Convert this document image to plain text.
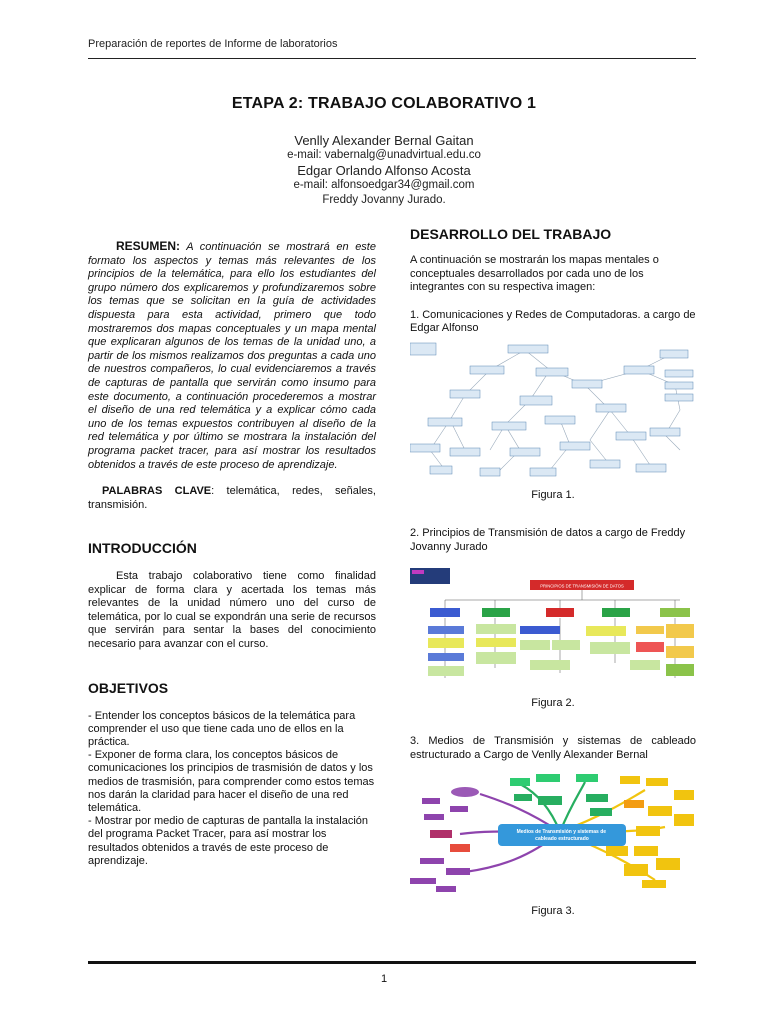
Preparación de reportes de Informe de laboratorios
ETAPA 2: TRABAJO COLABORATIVO 1
Venlly Alexander Bernal Gaitan
e-mail: vabernalg@unadvirtual.edu.co
Edgar Orlando Alfonso Acosta
e-mail: alfonsoedgar34@gmail.com
Freddy Jovanny Jurado.
RESUMEN: A continuación se mostrará en este formato los aspectos y temas más relevantes de los principios de la telemática, para ello los estudiantes del grupo número dos explicaremos y profundizaremos sobre los temas que se solicitan en la guía de actividades dispuesta para esta actividad, primero que todo mostraremos dos mapas conceptuales y un mapa mental que explicaran algunos de los temas de la unidad uno, a partir de los mismos realizamos dos preguntas a cada uno de nuestros compañeros, lo cual evidenciaremos a través de capturas de pantalla que servirán como insumo para este documento, a continuación procederemos a mostrar el diseño de una red telemática y a explicar cómo cada uno de los temas expuestos contribuyen al diseño de la red telemática y por último se mostrara la instalación del programa packet tracer, para así mostrar los resultados obtenidos a través de este proceso de aprendizaje.
PALABRAS CLAVE: telemática, redes, señales, transmisión.
INTRODUCCIÓN
Esta trabajo colaborativo tiene como finalidad explicar de forma clara y acertada los temas más relevantes de la unidad número uno del curso de telemática, por lo cual se expondrán una serie de recursos que servirán para sentar la bases del conocimiento necesario para avanzar con el curso.
OBJETIVOS
- Entender los conceptos básicos de la telemática para comprender el uso que tiene cada uno de ellos en la práctica.
- Exponer de forma clara, los conceptos básicos de comunicaciones los principios de trasmisión de datos y los medios de trasmisión, para comprender como estos temas nos darán la claridad para hacer el diseño de una red telemática.
- Mostrar por medio de capturas de pantalla la instalación del programa Packet Tracer, para así mostrar los resultados obtenidos a través de este proceso de aprendizaje.
DESARROLLO DEL TRABAJO
A continuación se mostrarán los mapas mentales o conceptuales desarrollados por cada uno de los integrantes con su respectiva imagen:
1. Comunicaciones y Redes de Computadoras. a cargo de Edgar Alfonso
Figura 1.
2. Principios de Transmisión de datos a cargo de Freddy Jovanny Jurado
PRINCIPIOS DE TRANSMISIÓN DE DATOS
Figura 2.
3. Medios de Transmisión y sistemas de cableado estructurado a Cargo de Venlly Alexander Bernal
Medios de Transmisión y sistemas de cableado estructurado
Figura 3.
1
